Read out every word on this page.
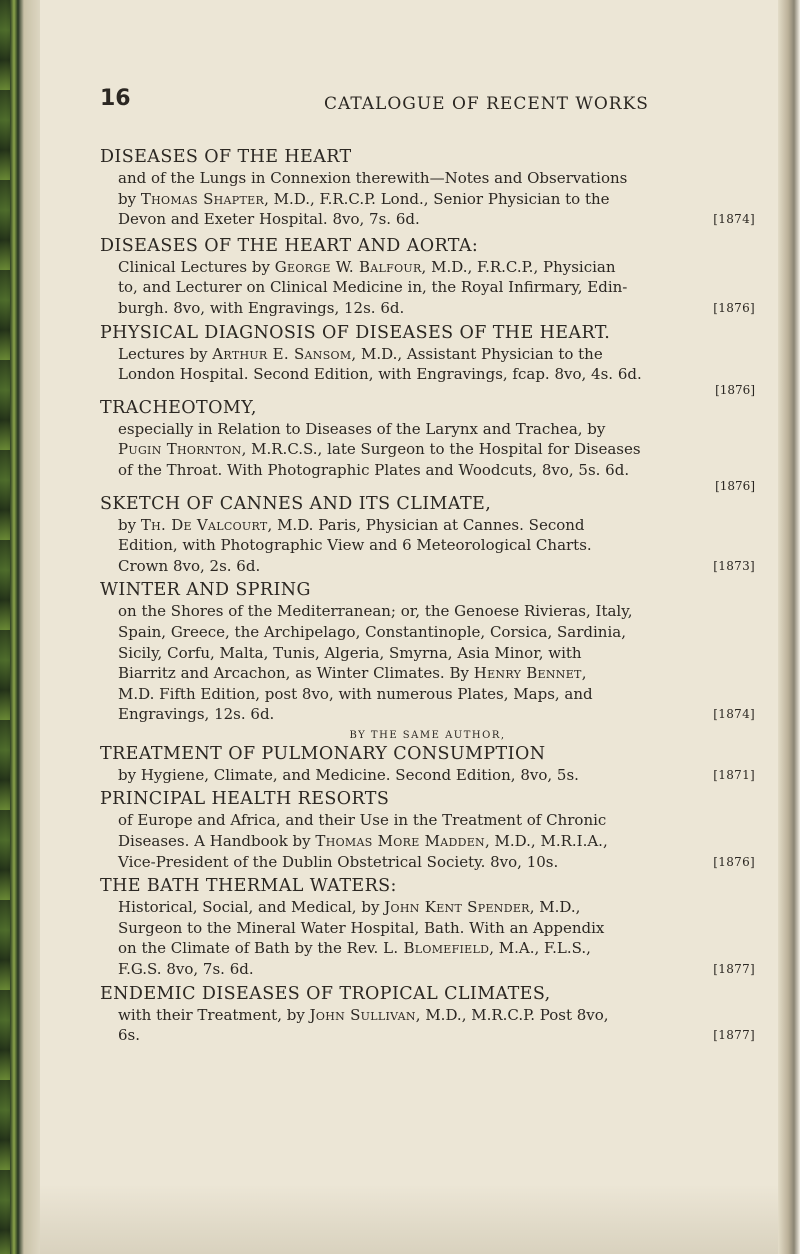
16	CATALOGUE OF RECENT WORKS

DISEASES OF THE HEART

and of the Lungs in Connexion therewith—Notes and Observations
by Thomas Shapter, M.D., F.R.C.P. Lond., Senior Physician to the
Devon and Exeter Hospital. 8vo, 7s. 6d.	[1874]

DISEASES OF THE HEART AND AORTA:

Clinical Lectures by George W. Balfour, M.D., F.R.C.P., Physician
to, and Lecturer on Clinical Medicine in, the Royal Infirmary, Edin-
burgh. 8vo, with Engravings, 12s. 6d.	[1876]

PHYSICAL DIAGNOSIS OF DISEASES OF THE HEART.

Lectures by Arthur E. Sansom, M.D., Assistant Physician to the
London Hospital. Second Edition, with Engravings, fcap. 8vo, 4s. 6d.
[1876]

TRACHEOTOMY,

especially in Relation to Diseases of the Larynx and Trachea, by
Pugin Thornton, M.R.C.S., late Surgeon to the Hospital for Diseases
of the Throat. With Photographic Plates and Woodcuts, 8vo, 5s. 6d.
[1876]

SKETCH OF CANNES AND ITS CLIMATE,

by Th. De Valcourt, M.D. Paris, Physician at Cannes. Second
Edition, with Photographic View and 6 Meteorological Charts.
Crown 8vo, 2s. 6d.	[1873]

WINTER AND SPRING

on the Shores of the Mediterranean; or, the Genoese Rivieras, Italy,
Spain, Greece, the Archipelago, Constantinople, Corsica, Sardinia,
Sicily, Corfu, Malta, Tunis, Algeria, Smyrna, Asia Minor, with
Biarritz and Arcachon, as Winter Climates. By Henry Bennet,
M.D. Fifth Edition, post 8vo, with numerous Plates, Maps, and
Engravings, 12s. 6d.	[1874]

BY THE SAME AUTHOR,

TREATMENT OF PULMONARY CONSUMPTION

by Hygiene, Climate, and Medicine. Second Edition, 8vo, 5s.	[1871]

PRINCIPAL HEALTH RESORTS

of Europe and Africa, and their Use in the Treatment of Chronic
Diseases. A Handbook by Thomas More Madden, M.D., M.R.I.A.,
Vice-President of the Dublin Obstetrical Society. 8vo, 10s.	[1876]

THE BATH THERMAL WATERS:

Historical, Social, and Medical, by John Kent Spender, M.D.,
Surgeon to the Mineral Water Hospital, Bath. With an Appendix
on the Climate of Bath by the Rev. L. Blomefield, M.A., F.L.S.,
F.G.S. 8vo, 7s. 6d.	[1877]

ENDEMIC DISEASES OF TROPICAL CLIMATES,

with their Treatment, by John Sullivan, M.D., M.R.C.P. Post 8vo,
6s.	[1877]
